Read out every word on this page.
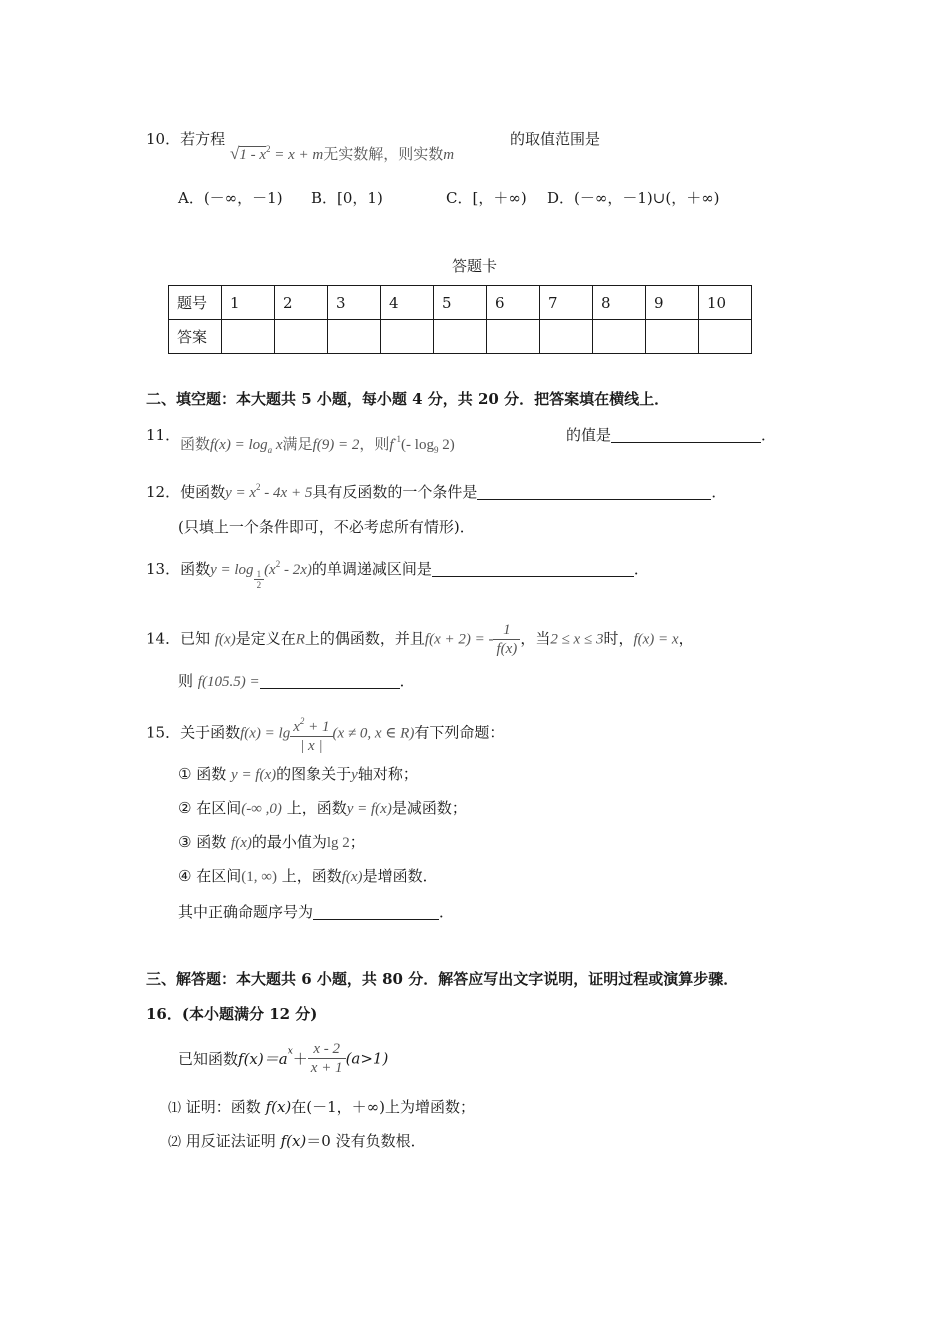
10．若方程
$√1 - x^2 = x + m$无实数解，则实数m
的取值范围是
A．(－∞，－1) B．[0，1)	C．[，＋∞) D．(－∞，－1)∪(，＋∞)
答题卡
题号	1	2	3	4	5	6	7	8	9	10
答案										
二、填空题：本大题共 5 小题，每小题 4 分，共 20 分．把答案填在横线上．
11．
函数$f(x) = \log_a x$满足f(9) = 2，则$f^{-1}(-$ $\log_9 2$)
的值是	．
12．使函数$y = x^2 - 4x + 5$具有反函数的一个条件是	．
(只填上一个条件即可，不必考虑所有情形)．
13．函数$y = \log \frac{1}{2} (x^2 - 2x)$的单调递减区间是	．
14．已知 f(x)是定义在R上的偶函数，并且f(x + 2) = - $\frac{1}{f(x)}$ ，当2 ≤ x ≤ 3时，f(x) = x，
则 f(105.5) =	．
15．关于函数$f(x) = \lg \frac{x^2 + 1}{| x |} (x \ne 0$, x ∈ R)有下列命题：
① 函数 y = f(x)的图象关于y轴对称；
② 在区间(-∞ ,0) 上，函数y = f(x)是减函数；
③ 函数 f(x)的最小值为lg 2；
④ 在区间(1, ∞) 上，函数f(x)是增函数．
其中正确命题序号为	．
三、解答题：本大题共 6 小题，共 80 分．解答应写出文字说明，证明过程或演算步骤．
16．(本小题满分 12 分)
已知函数$f(x)=a^x+ \frac{x - 2}{x + 1} (a>1)$
⑴ 证明：函数 f(x)在(－1，＋∞)上为增函数；
⑵ 用反证法证明 f(x)＝0 没有负数根．
